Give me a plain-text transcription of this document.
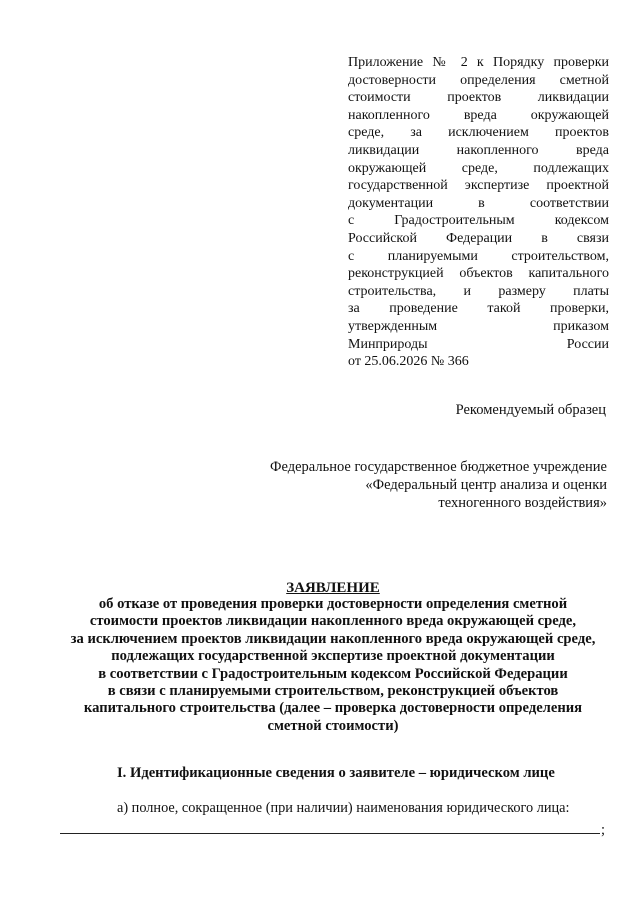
Приложение № 2 к Порядку проверки
достоверности определения сметной
стоимости проектов ликвидации
накопленного вреда окружающей
среде, за исключением проектов
ликвидации накопленного вреда
окружающей среде, подлежащих
государственной экспертизе проектной
документации в соответствии
с Градостроительным кодексом
Российской Федерации в связи
с планируемыми строительством,
реконструкцией объектов капитального
строительства, и размеру платы
за проведение такой проверки,
утвержденным приказом
Минприроды России
от 25.06.2026 № 366
Рекомендуемый образец
Федеральное государственное бюджетное учреждение
«Федеральный центр анализа и оценки
техногенного воздействия»
ЗАЯВЛЕНИЕ
об отказе от проведения проверки достоверности определения сметной
стоимости проектов ликвидации накопленного вреда окружающей среде,
за исключением проектов ликвидации накопленного вреда окружающей среде,
подлежащих государственной экспертизе проектной документации
в соответствии с Градостроительным кодексом Российской Федерации
в связи с планируемыми строительством, реконструкцией объектов
капитального строительства (далее – проверка достоверности определения
сметной стоимости)
I. Идентификационные сведения о заявителе – юридическом лице
а) полное, сокращенное (при наличии) наименования юридического лица:
;
